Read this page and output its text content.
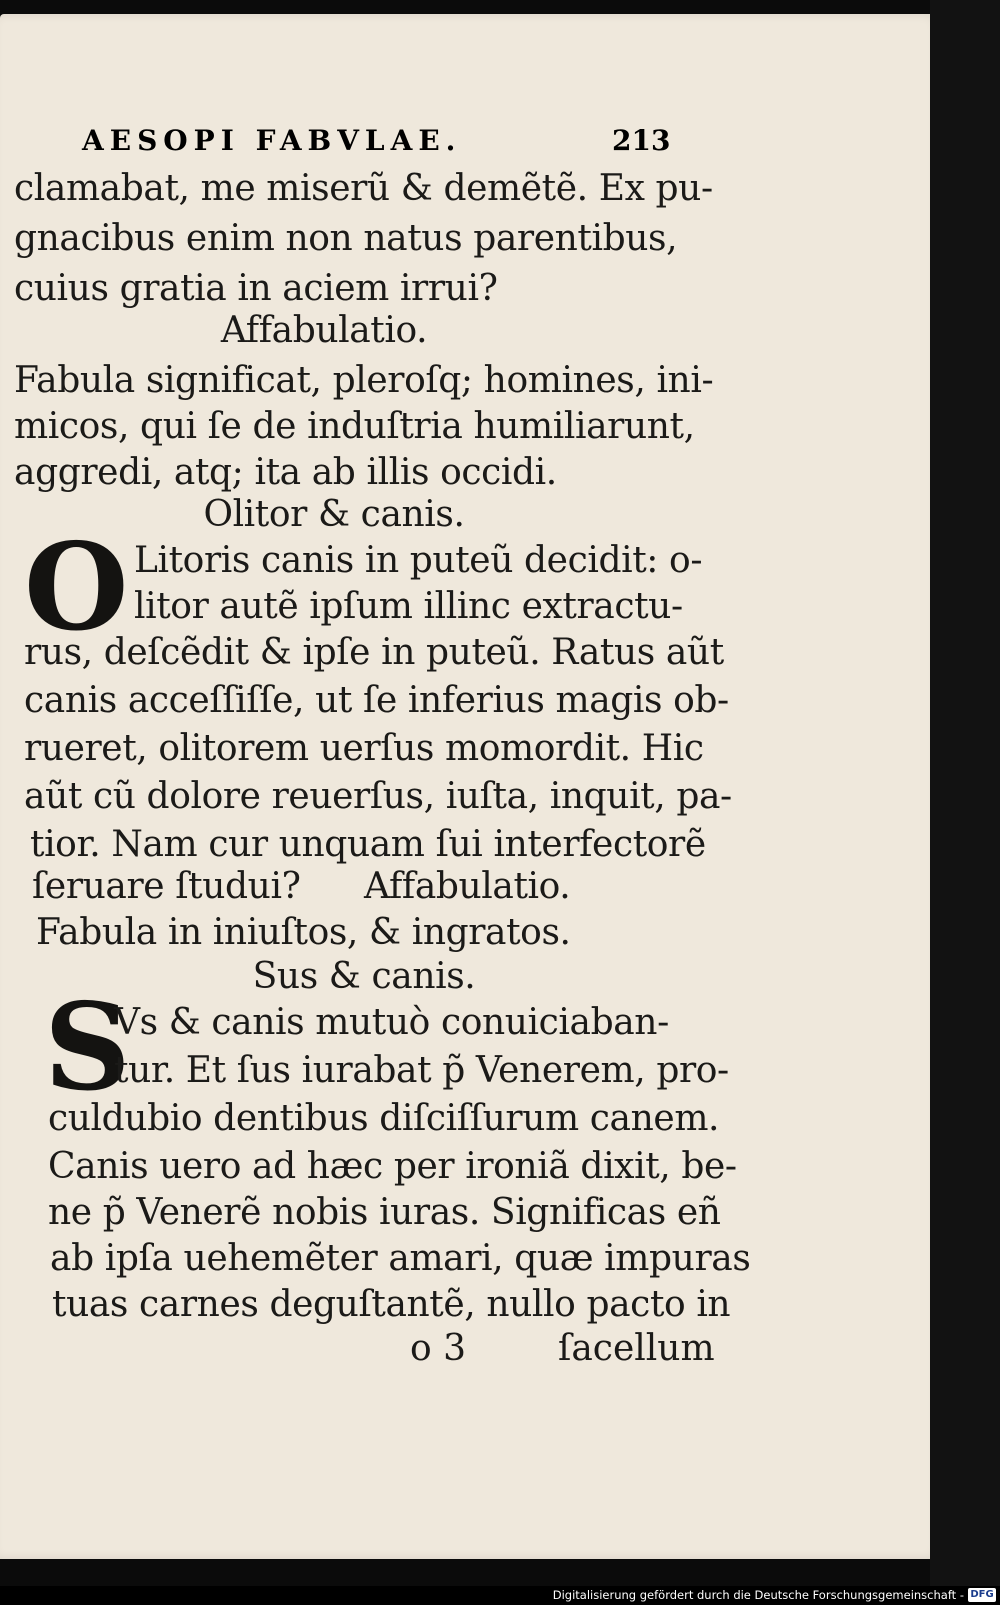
AESOPI FABVLAE.	213
clamabat, me miserũ & demẽtẽ. Ex pu-
gnacibus enim non natus parentibus,
cuius gratia in aciem irrui?
Affabulatio.
Fabula significat, pleroſq; homines, ini-
micos, qui ſe de induſtria humiliarunt,
aggredi, atq; ita ab illis occidi.
Olitor & canis.
O Litoris canis in puteũ decidit: o-
litor autẽ ipſum illinc extractu-
rus, deſcẽdit & ipſe in puteũ. Ratus aũt
canis acceſſiſſe, ut ſe inferius magis ob-
rueret, olitorem uerſus momordit. Hic
aũt cũ dolore reuerſus, iuſta, inquit, pa-
tior. Nam cur unquam ſui interfectorẽ
ſeruare ſtudui? Affabulatio.
Fabula in iniuſtos, & ingratos.
Sus & canis.
S
Vs & canis mutuò conuiciaban-
tur. Et ſus iurabat p̃ Venerem, pro-
culdubio dentibus diſciſſurum canem.
Canis uero ad hæc per ironiã dixit, be-
ne p̃ Venerẽ nobis iuras. Significas eñ
ab ipſa uehemẽter amari, quæ impuras
tuas carnes deguſtantẽ, nullo pacto in
o 3	ſacellum
Digitalisierung gefördert durch die Deutsche Forschungsgemeinschaft - DFG
